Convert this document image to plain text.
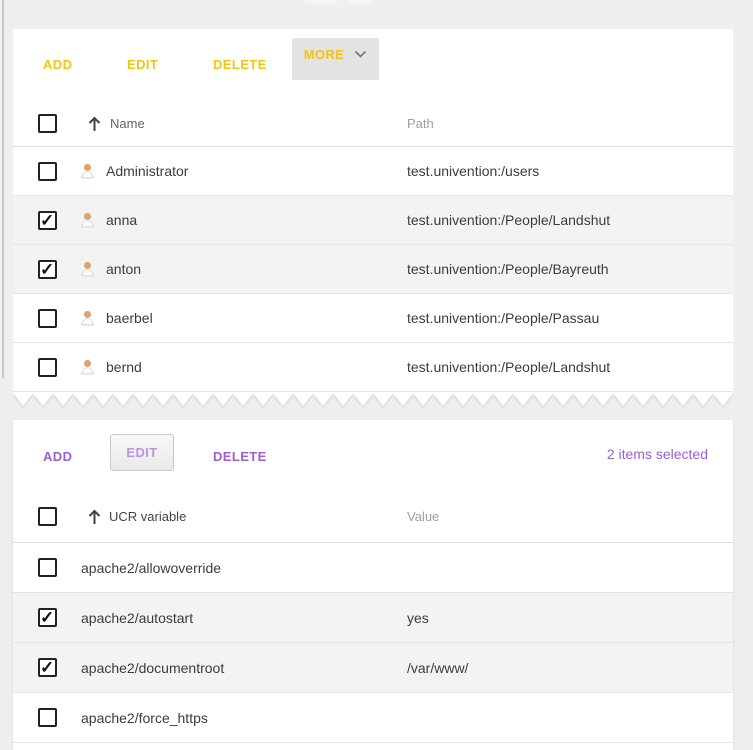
ADD	EDIT	DELETE
MORE
Name	Path
Administrator	test.univention:/users
✓
anna	test.univention:/People/Landshut
✓
anton	test.univention:/People/Bayreuth
baerbel	test.univention:/People/Passau
bernd	test.univention:/People/Landshut
ADD	EDIT	DELETE	2 items selected
UCR variable	Value
apache2/allowoverride
✓
apache2/autostart	yes
✓
apache2/documentroot	/var/www/
apache2/force_https
